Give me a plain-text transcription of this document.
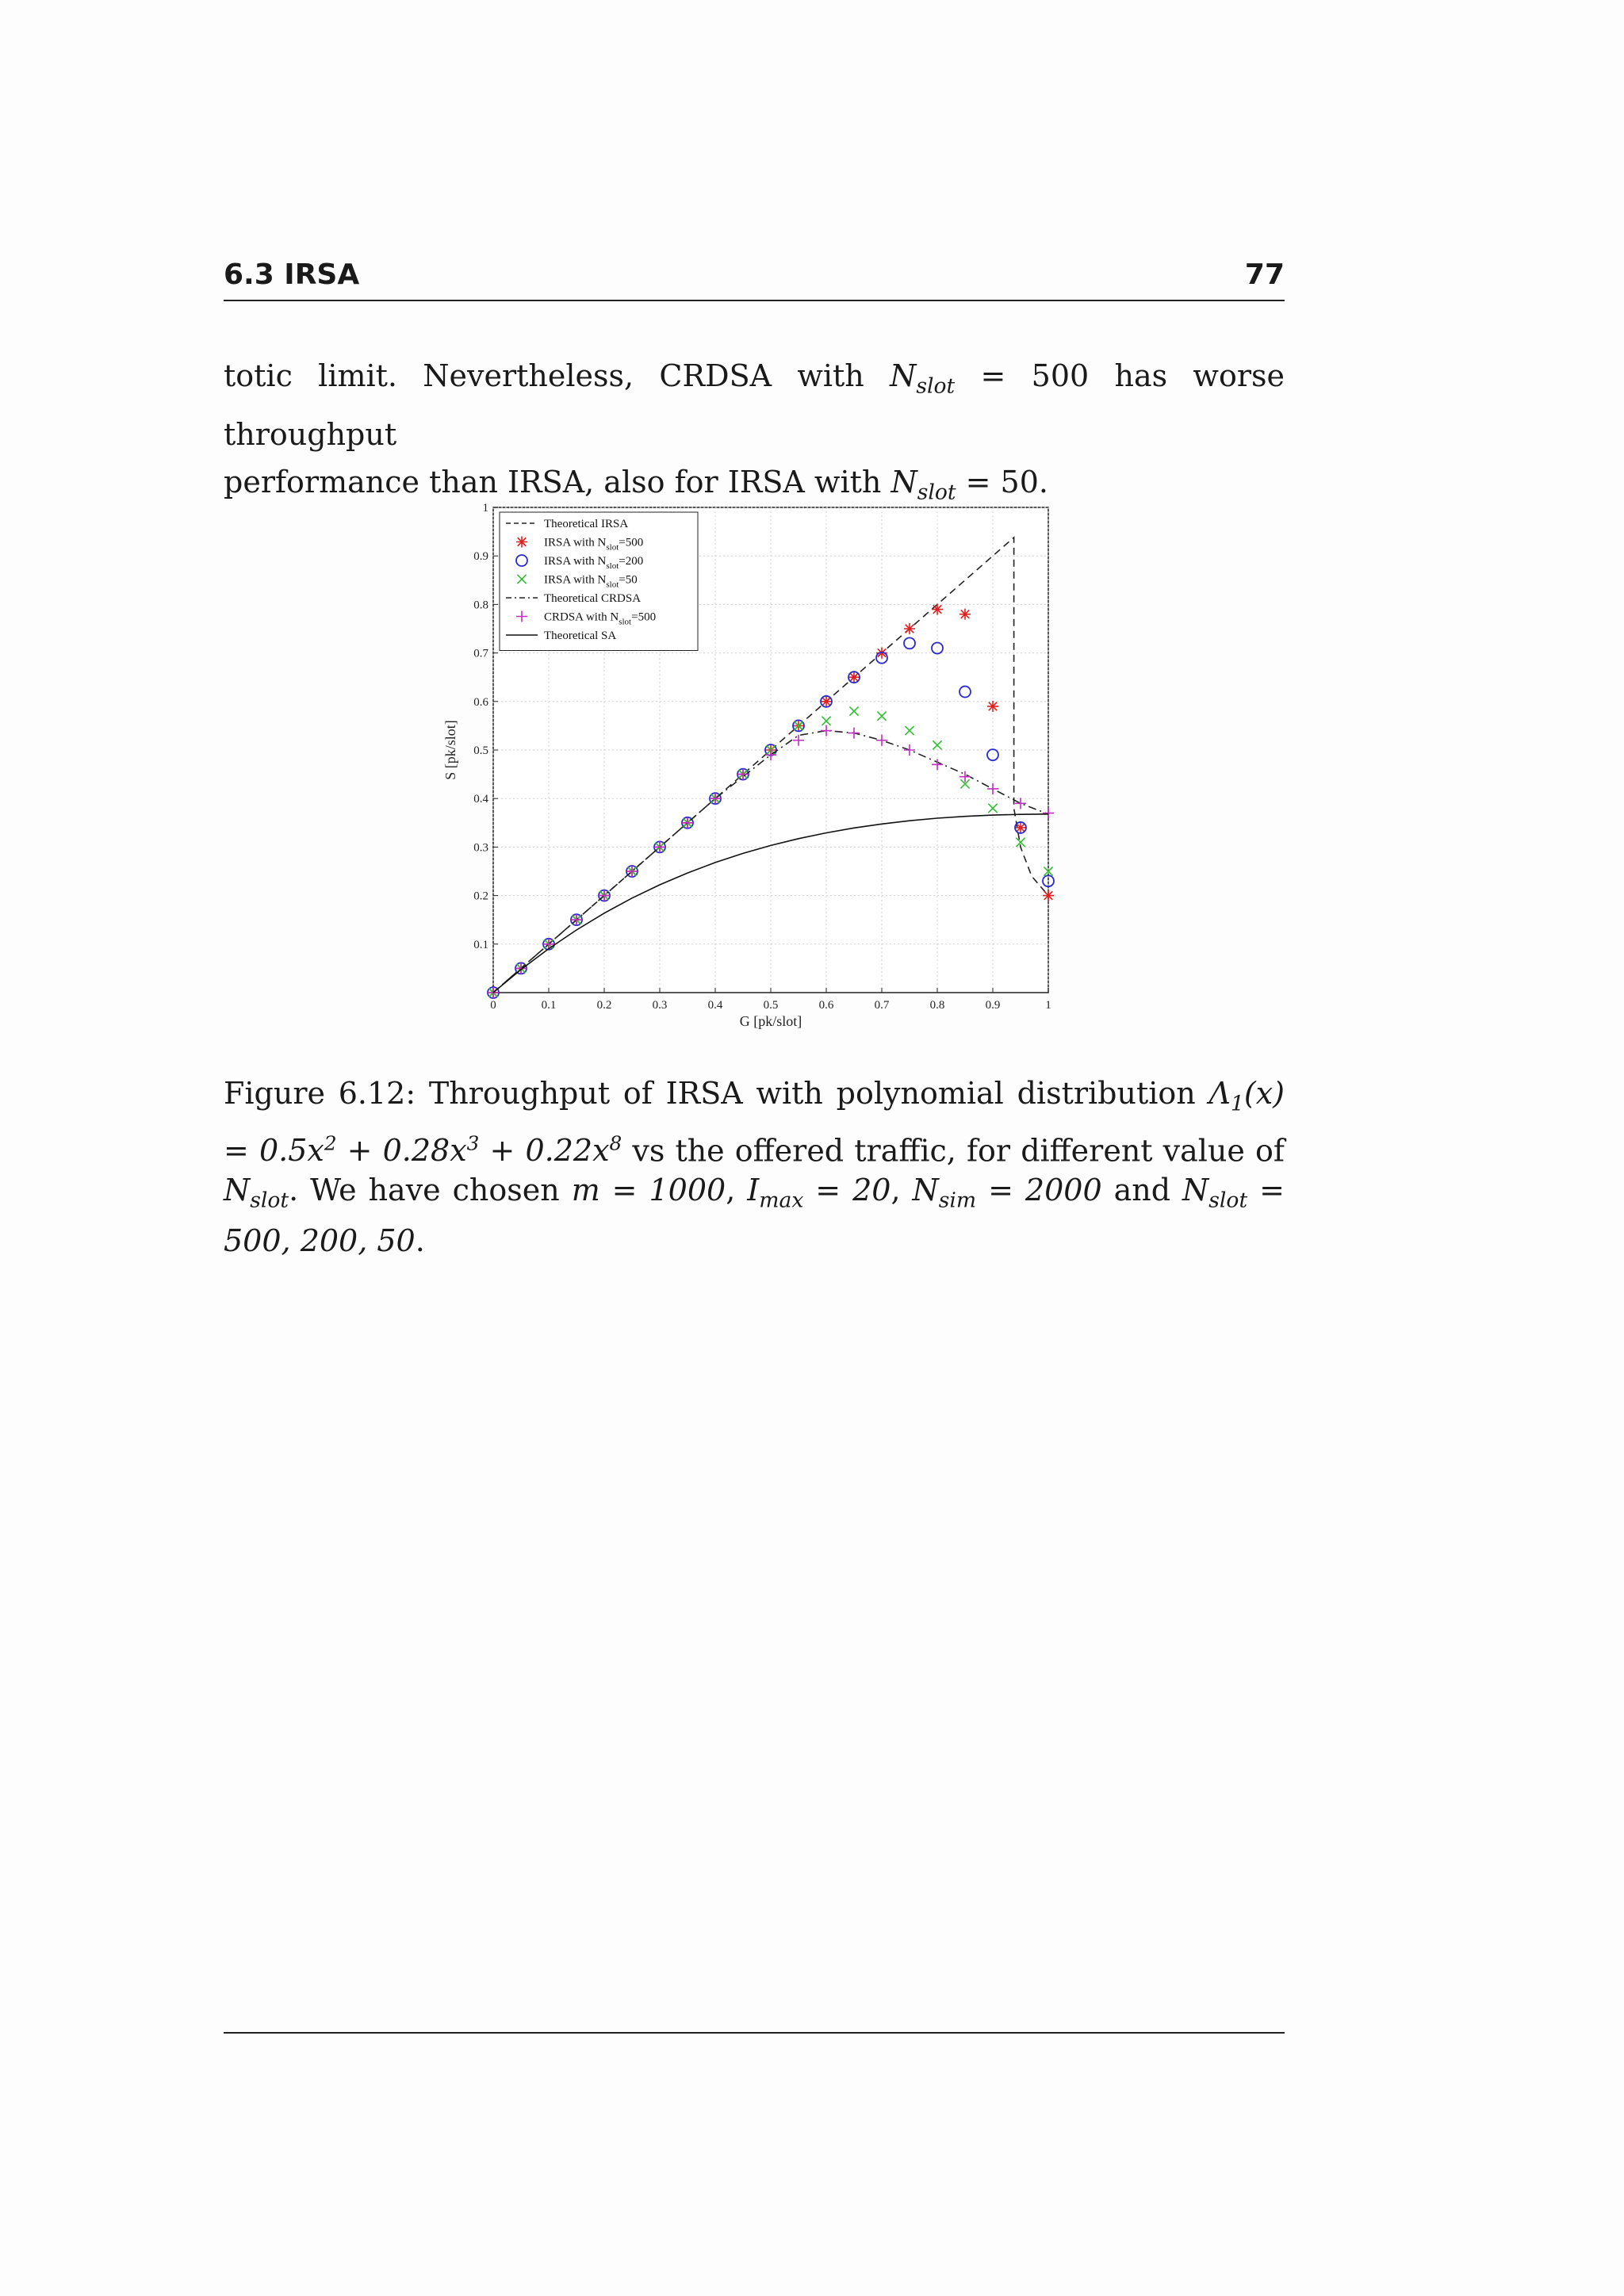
6.3 IRSA	77

totic limit. Nevertheless, CRDSA with $N_{slot} = 500$ has worse throughput

performance than IRSA, also for IRSA with $N_{slot} = 50$.

0	0.1	0.2	0.3	0.4	0.5	0.6	0.7	0.8	0.9	1
0.1
0.2
0.3
0.4
0.5
0.6
0.7
0.8
0.9
1
G [pk/slot]
S [pk/slot]
Theoretical IRSA
IRSA with $N_{slot}=500$
IRSA with $N_{slot}=200$
IRSA with $N_{slot}=50$
Theoretical CRDSA
CRDSA with $N_{slot}=500$
Theoretical SA

Figure 6.12: Throughput of IRSA with polynomial distribution $\Lambda_1(x) = 0.5x^2 + 0.28x^3 + 0.22x^8$ vs the offered traffic, for different value of $N_{slot}$. We have chosen m = 1000, $I_{max} = 20$, $N_{sim} = 2000$ and $N_{slot} = 500$, 200, 50.
